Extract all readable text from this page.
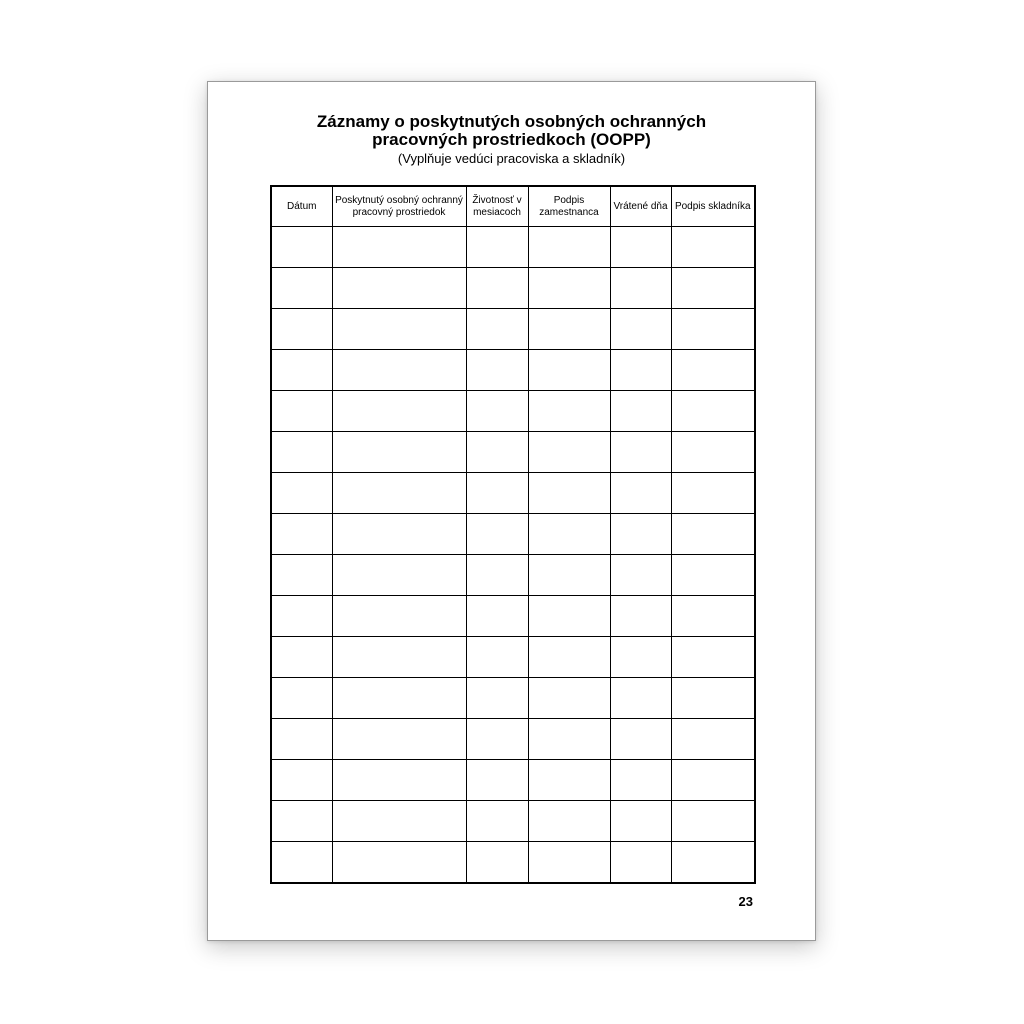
Záznamy o poskytnutých osobných ochranných
pracovných prostriedkoch (OOPP)
(Vyplňuje vedúci pracoviska a skladník)
Dátum	Poskytnutý osobný ochranný pracovný prostriedok	Životnosť v mesiacoch	Podpis zamestnanca	Vrátené dňa	Podpis skladníka

23
